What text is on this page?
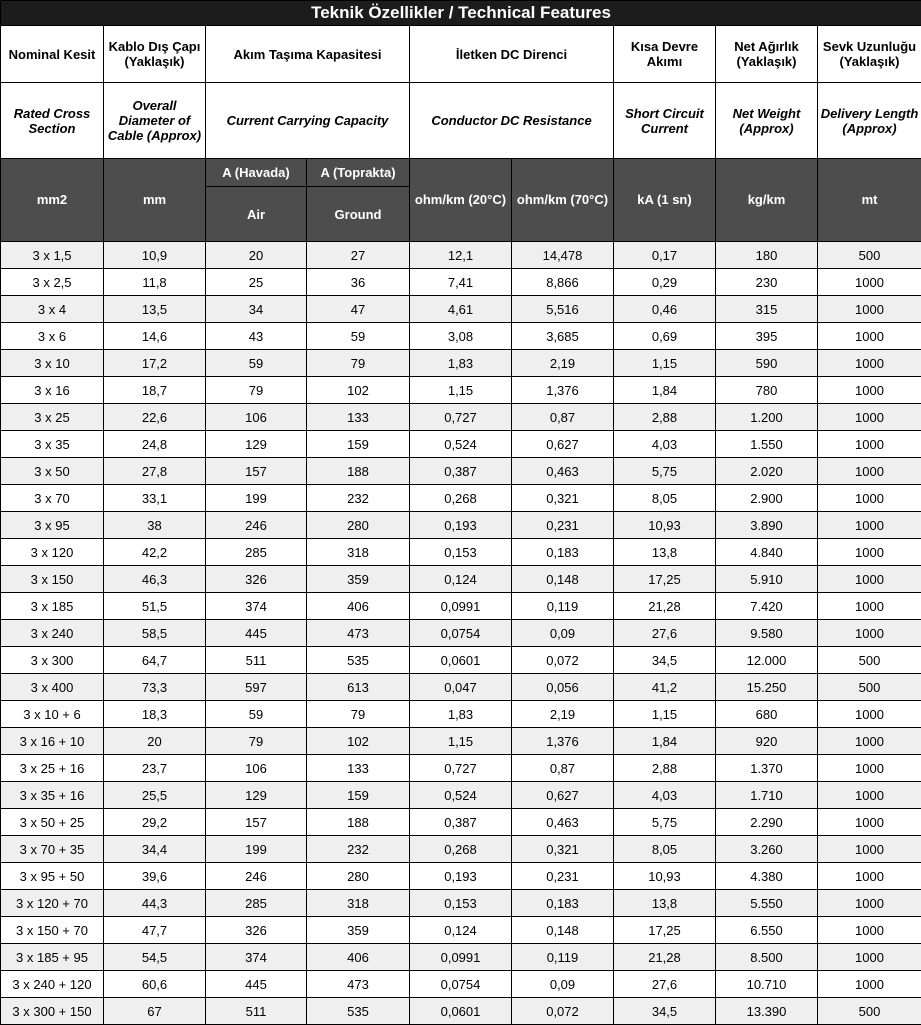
Teknik Özellikler / Technical Features								
Nominal Kesit	Kablo Dış Çapı (Yaklaşık)	Akım Taşıma Kapasitesi		İletken DC Direnci		Kısa Devre Akımı	Net Ağırlık (Yaklaşık)	Sevk Uzunluğu (Yaklaşık)
Rated Cross Section	Overall Diameter of Cable (Approx)	Current Carrying Capacity		Conductor DC Resistance		Short Circuit Current	Net Weight (Approx)	Delivery Length (Approx)
mm2	mm	A (Havada)	A (Toprakta)	ohm/km (20°C)	ohm/km (70°C)	kA (1 sn)	kg/km	mt
		Air	Ground					
3 x 1,5	10,9	20	27	12,1	14,478	0,17	180	500
3 x 2,5	11,8	25	36	7,41	8,866	0,29	230	1000
3 x 4	13,5	34	47	4,61	5,516	0,46	315	1000
3 x 6	14,6	43	59	3,08	3,685	0,69	395	1000
3 x 10	17,2	59	79	1,83	2,19	1,15	590	1000
3 x 16	18,7	79	102	1,15	1,376	1,84	780	1000
3 x 25	22,6	106	133	0,727	0,87	2,88	1.200	1000
3 x 35	24,8	129	159	0,524	0,627	4,03	1.550	1000
3 x 50	27,8	157	188	0,387	0,463	5,75	2.020	1000
3 x 70	33,1	199	232	0,268	0,321	8,05	2.900	1000
3 x 95	38	246	280	0,193	0,231	10,93	3.890	1000
3 x 120	42,2	285	318	0,153	0,183	13,8	4.840	1000
3 x 150	46,3	326	359	0,124	0,148	17,25	5.910	1000
3 x 185	51,5	374	406	0,0991	0,119	21,28	7.420	1000
3 x 240	58,5	445	473	0,0754	0,09	27,6	9.580	1000
3 x 300	64,7	511	535	0,0601	0,072	34,5	12.000	500
3 x 400	73,3	597	613	0,047	0,056	41,2	15.250	500
3 x 10 + 6	18,3	59	79	1,83	2,19	1,15	680	1000
3 x 16 + 10	20	79	102	1,15	1,376	1,84	920	1000
3 x 25 + 16	23,7	106	133	0,727	0,87	2,88	1.370	1000
3 x 35 + 16	25,5	129	159	0,524	0,627	4,03	1.710	1000
3 x 50 + 25	29,2	157	188	0,387	0,463	5,75	2.290	1000
3 x 70 + 35	34,4	199	232	0,268	0,321	8,05	3.260	1000
3 x 95 + 50	39,6	246	280	0,193	0,231	10,93	4.380	1000
3 x 120 + 70	44,3	285	318	0,153	0,183	13,8	5.550	1000
3 x 150 + 70	47,7	326	359	0,124	0,148	17,25	6.550	1000
3 x 185 + 95	54,5	374	406	0,0991	0,119	21,28	8.500	1000
3 x 240 + 120	60,6	445	473	0,0754	0,09	27,6	10.710	1000
3 x 300 + 150	67	511	535	0,0601	0,072	34,5	13.390	500
